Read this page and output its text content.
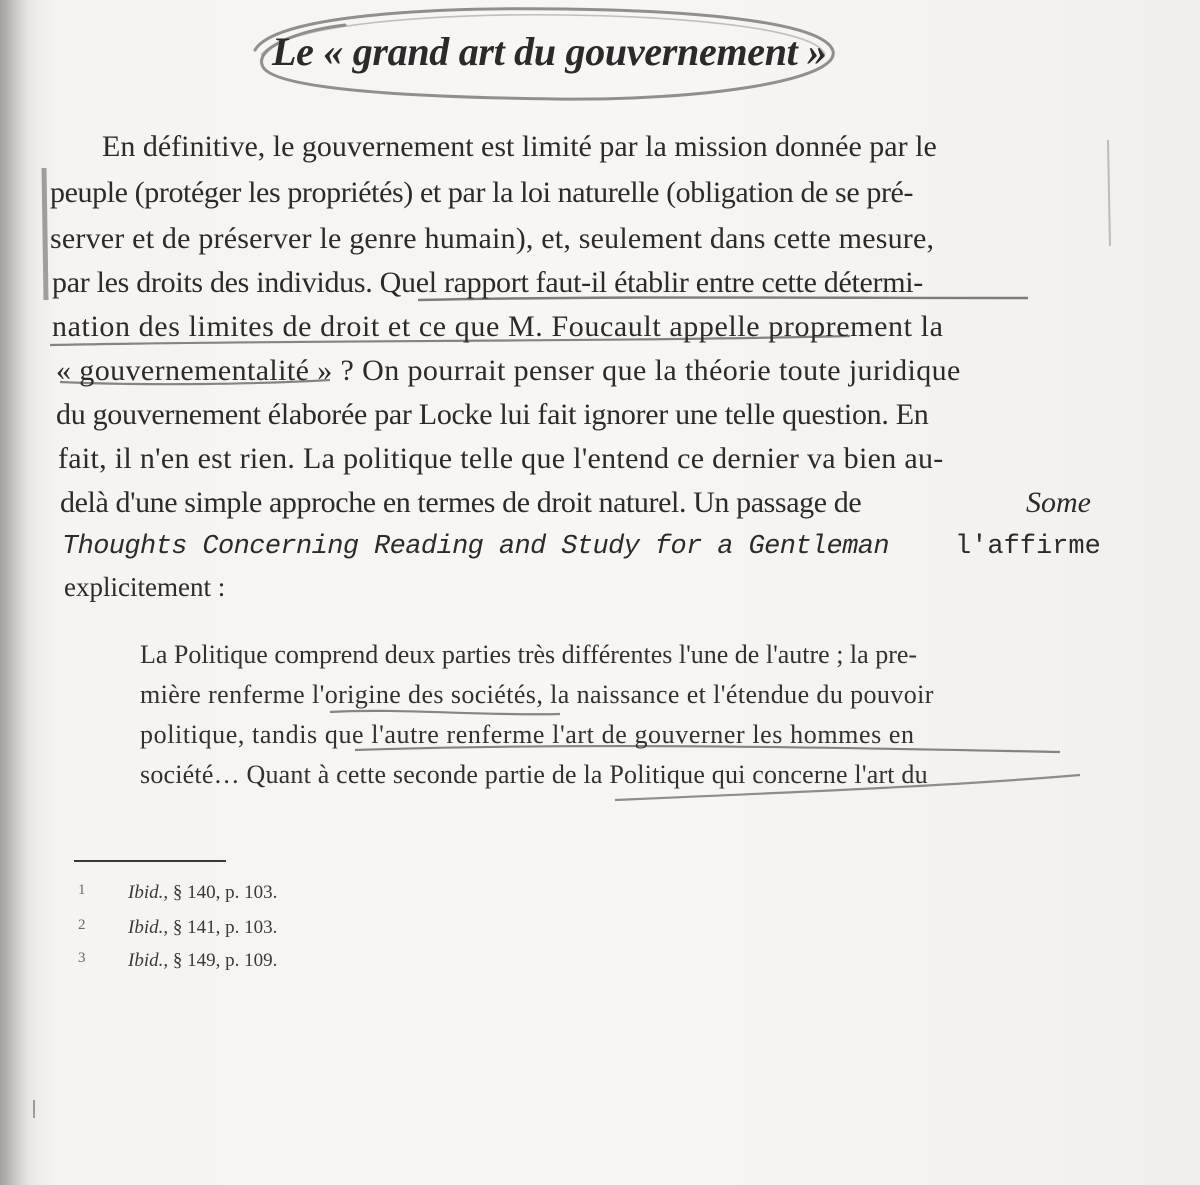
Le « grand art du gouvernement »
En définitive, le gouvernement est limité par la mission donnée par le
peuple (protéger les propriétés) et par la loi naturelle (obligation de se pré-
server et de préserver le genre humain), et, seulement dans cette mesure,
par les droits des individus. Quel rapport faut-il établir entre cette détermi-
nation des limites de droit et ce que M. Foucault appelle proprement la
« gouvernementalité » ? On pourrait penser que la théorie toute juridique
du gouvernement élaborée par Locke lui fait ignorer une telle question. En
fait, il n'en est rien. La politique telle que l'entend ce dernier va bien au-
delà d'une simple approche en termes de droit naturel. Un passage de	Some
Thoughts Concerning Reading and Study for a Gentleman l'affirme
explicitement :
La Politique comprend deux parties très différentes l'une de l'autre ; la pre-
mière renferme l'origine des sociétés, la naissance et l'étendue du pouvoir
politique, tandis que l'autre renferme l'art de gouverner les hommes en
société… Quant à cette seconde partie de la Politique qui concerne l'art du
1 Ibid., § 140, p. 103.
2 Ibid., § 141, p. 103.
3 Ibid., § 149, p. 109.
